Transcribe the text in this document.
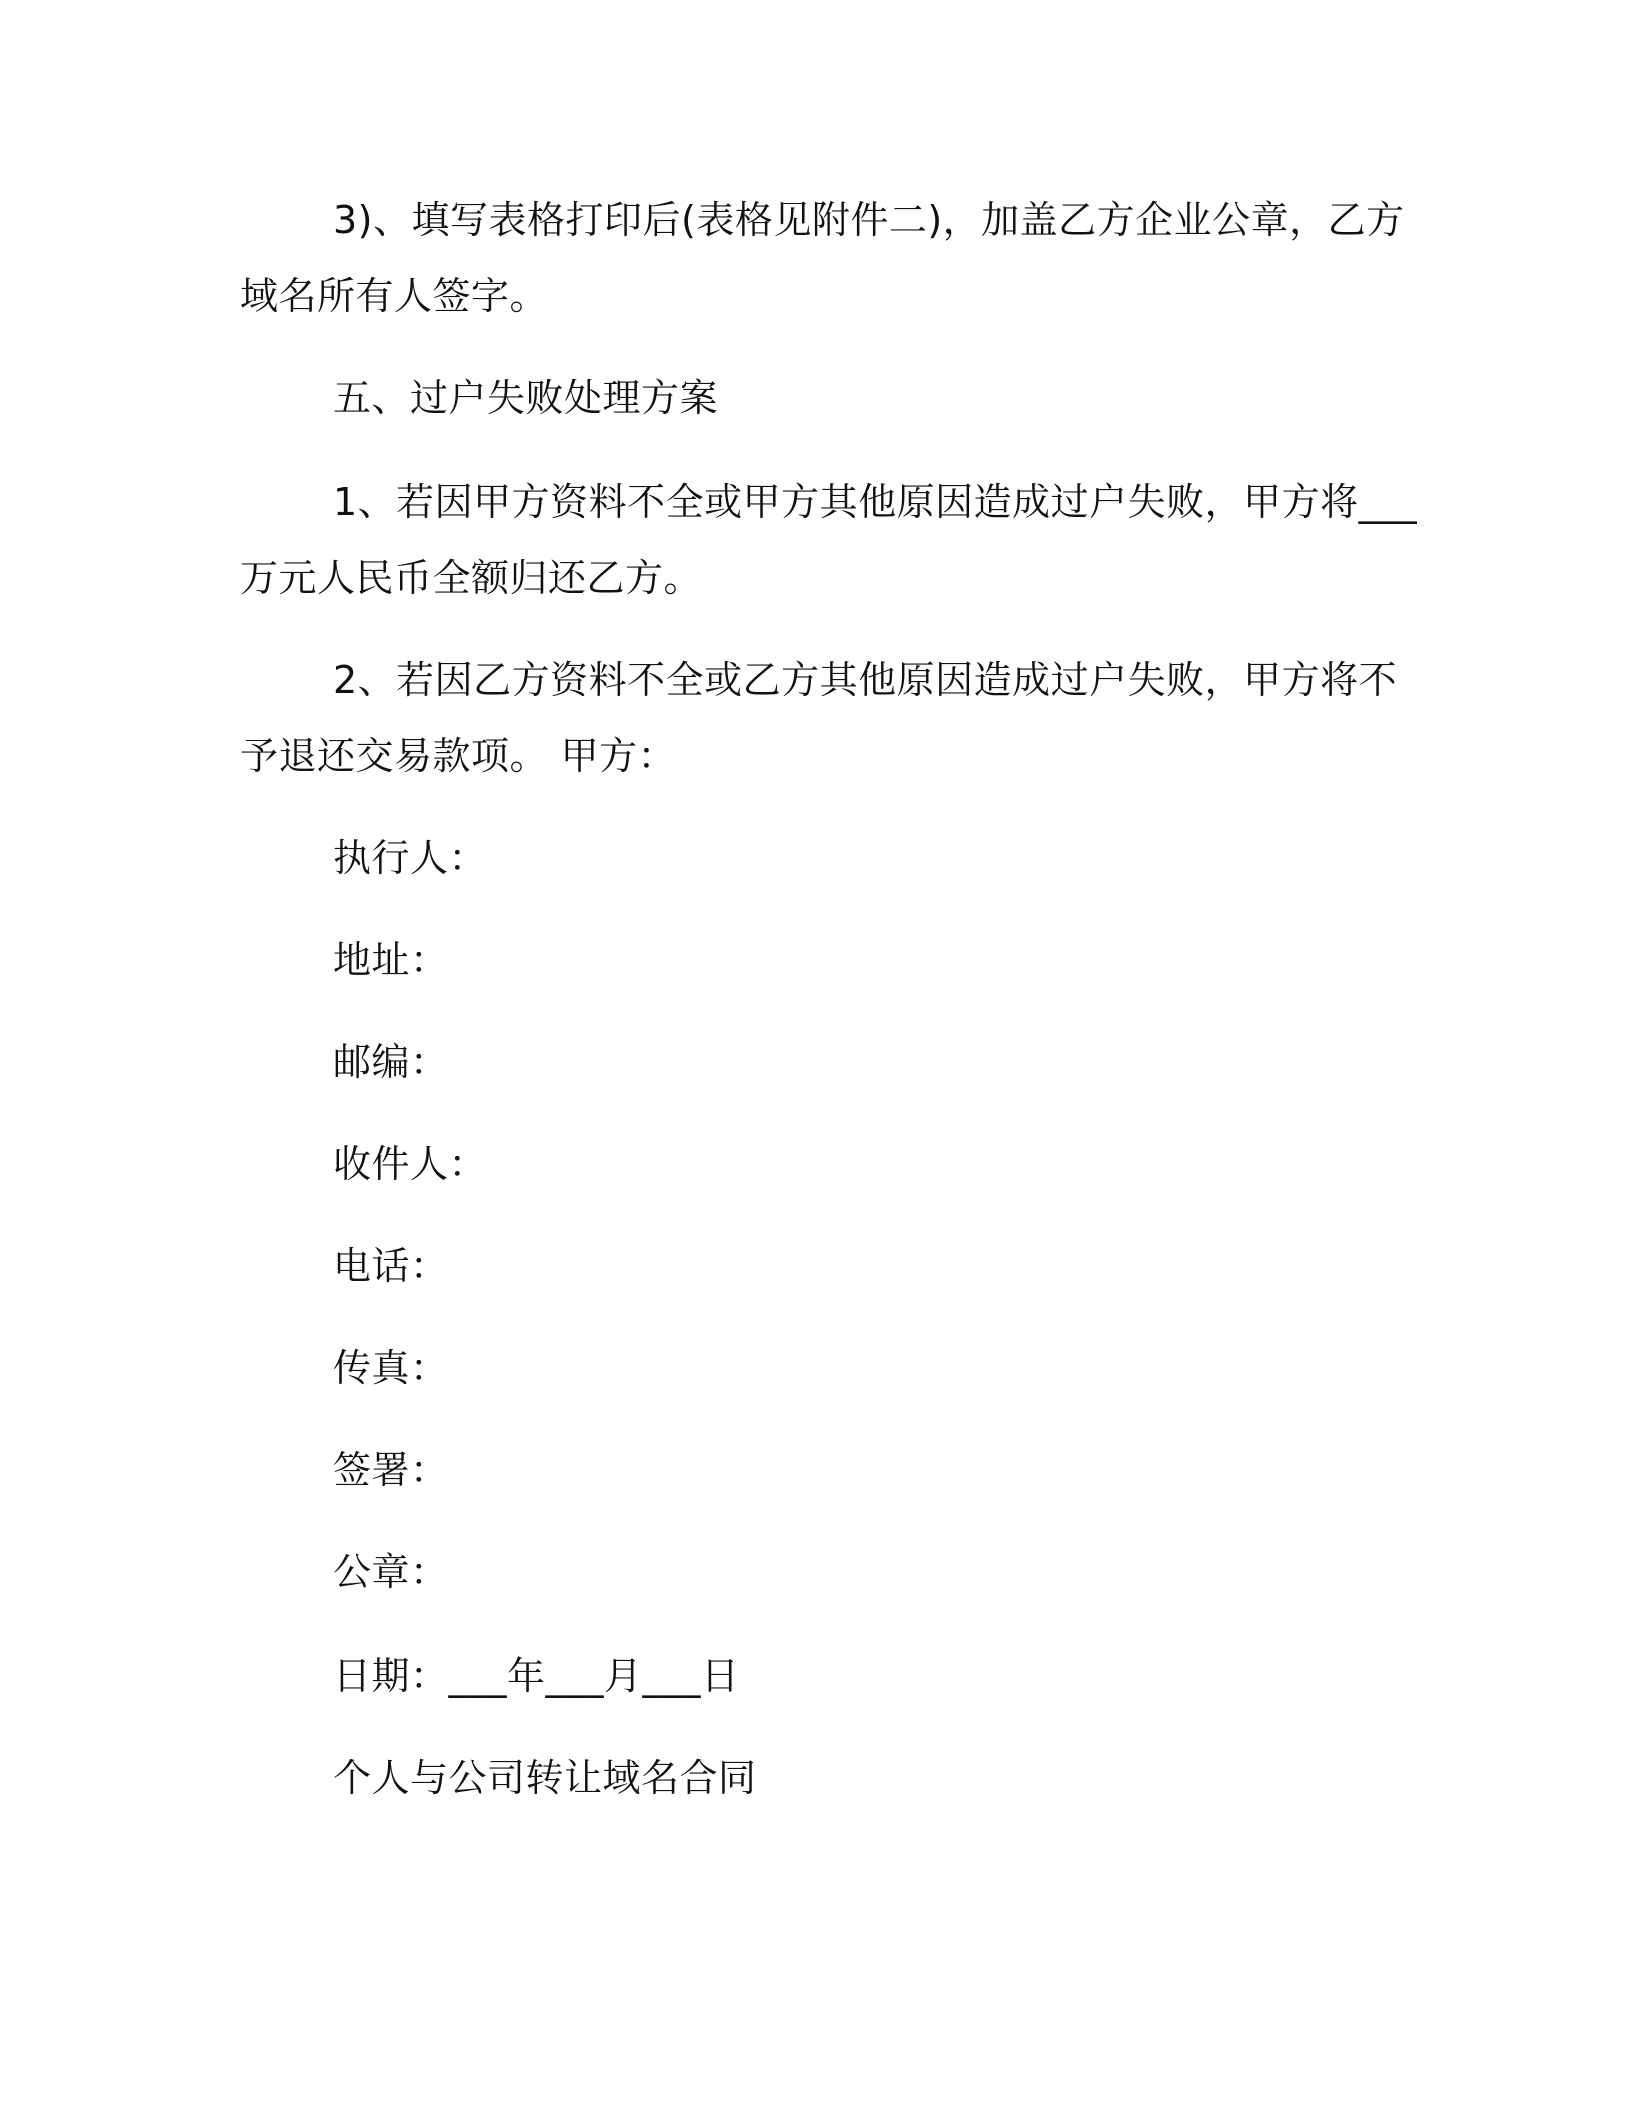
3)、填写表格打印后(表格见附件二)，加盖乙方企业公章，乙方
域名所有人签字。
五、过户失败处理方案
1、若因甲方资料不全或甲方其他原因造成过户失败，甲方将___
万元人民币全额归还乙方。
2、若因乙方资料不全或乙方其他原因造成过户失败，甲方将不
予退还交易款项。 甲方：
执行人：
地址：
邮编：
收件人：
电话：
传真：
签署：
公章：
日期：___年___月___日
个人与公司转让域名合同
